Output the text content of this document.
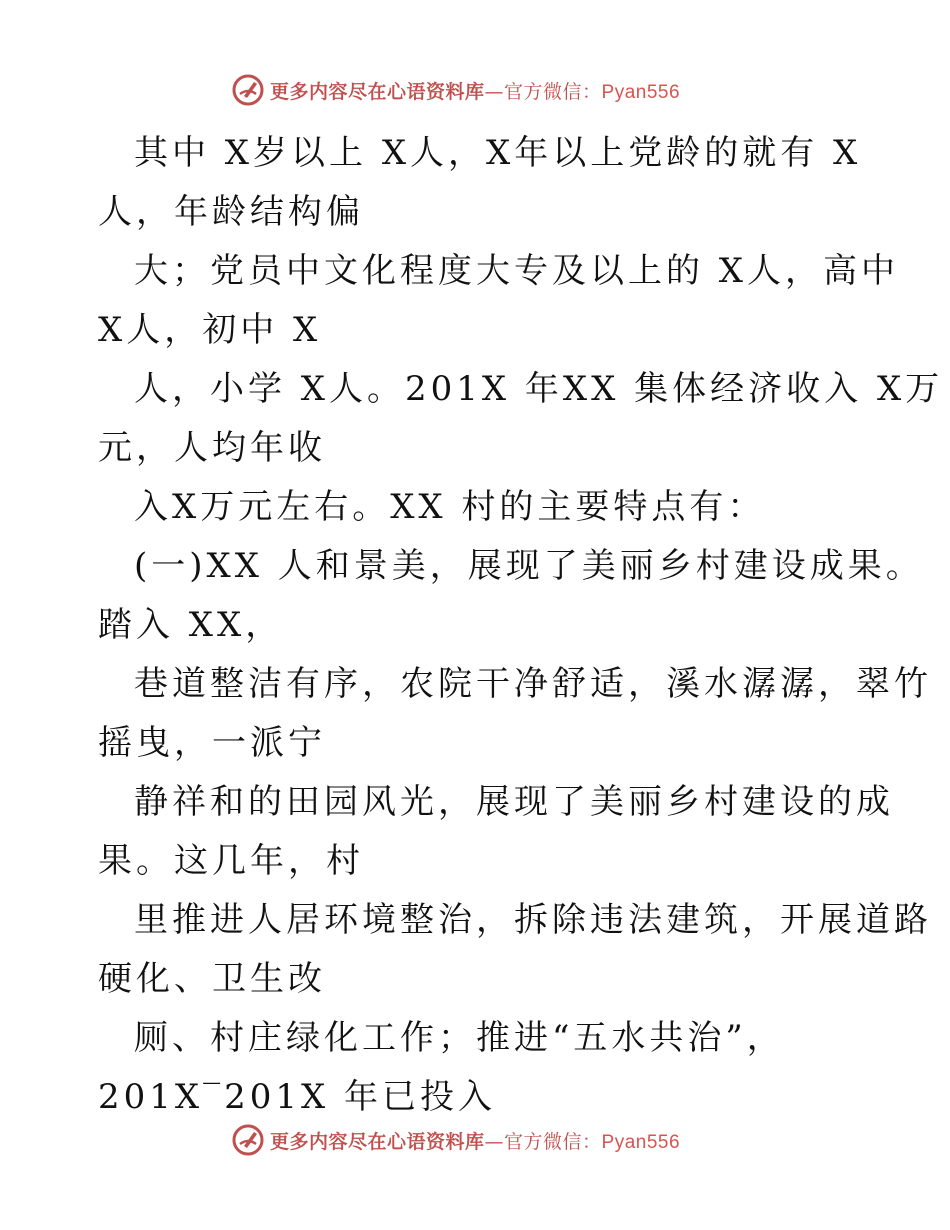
更多内容尽在心语资料库—官方微信：Pyan556
其中 X岁以上 X人，X年以上党龄的就有 X
人，年龄结构偏
大；党员中文化程度大专及以上的 X人，高中
X人，初中 X
人，小学 X人。201X 年XX 集体经济收入 X万
元，人均年收
入X万元左右。XX 村的主要特点有：
(一)XX 人和景美，展现了美丽乡村建设成果。
踏入 XX，
巷道整洁有序，农院干净舒适，溪水潺潺，翠竹
摇曳，一派宁
静祥和的田园风光，展现了美丽乡村建设的成
果。这几年，村
里推进人居环境整治，拆除违法建筑，开展道路
硬化、卫生改
厕、村庄绿化工作；推进“五水共治”，
201X‾201X 年已投入
更多内容尽在心语资料库—官方微信：Pyan556
